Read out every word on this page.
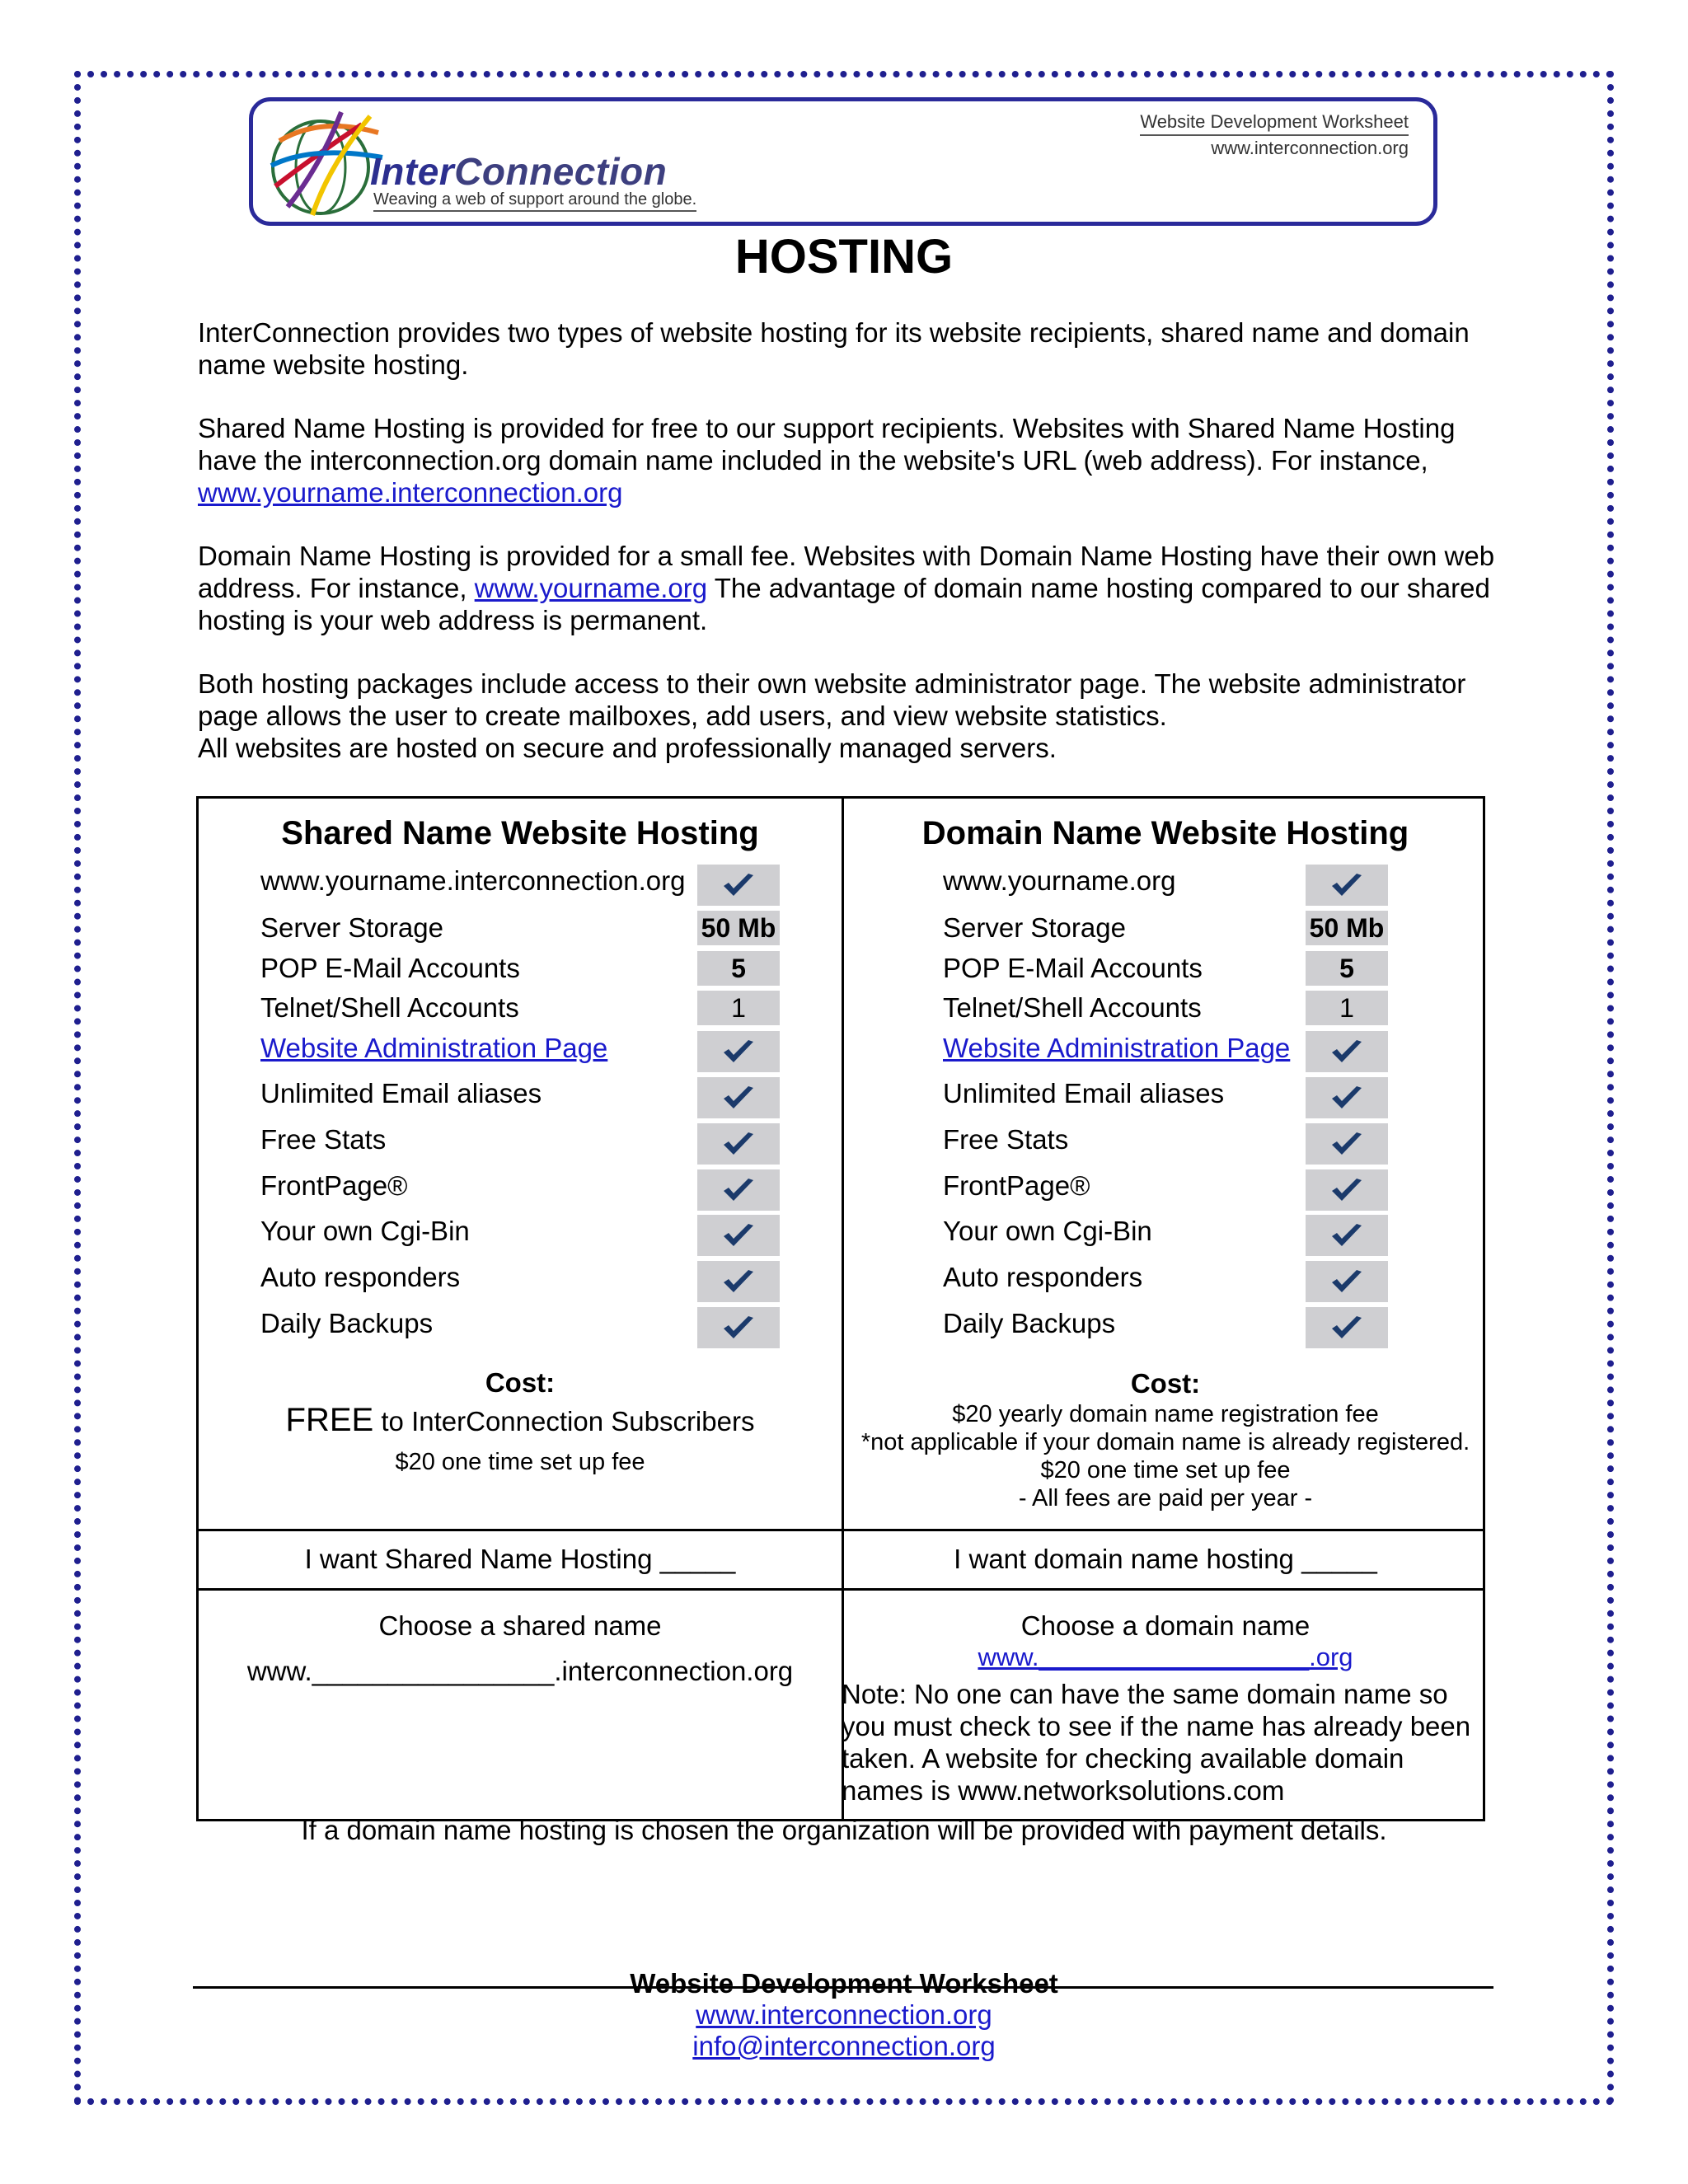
InterConnection
Weaving a web of support around the globe.
Website Development Worksheet
www.interconnection.org
HOSTING

InterConnection provides two types of website hosting for its website recipients, shared name and domain name website hosting.

Shared Name Hosting is provided for free to our support recipients. Websites with Shared Name Hosting have the interconnection.org domain name included in the website's URL (web address). For instance,
www.yourname.interconnection.org

Domain Name Hosting is provided for a small fee. Websites with Domain Name Hosting have their own web address. For instance, www.yourname.org The advantage of domain name hosting compared to our shared hosting is your web address is permanent.

Both hosting packages include access to their own website administrator page. The website administrator page allows the user to create mailboxes, add users, and view website statistics.
All websites are hosted on secure and professionally managed servers.

Shared Name Website Hosting
www.yourname.interconnection.org
Server Storage
POP E-Mail Accounts
Telnet/Shell Accounts
Website Administration Page
Unlimited Email aliases
Free Stats
FrontPage®
Your own Cgi-Bin
Auto responders
Daily Backups
50 Mb
5
1
Cost:
FREE to InterConnection Subscribers
$20 one time set up fee
I want Shared Name Hosting _____
Choose a shared name
www.________________.interconnection.org
Domain Name Website Hosting
www.yourname.org
Server Storage
POP E-Mail Accounts
Telnet/Shell Accounts
Website Administration Page
Unlimited Email aliases
Free Stats
FrontPage®
Your own Cgi-Bin
Auto responders
Daily Backups
50 Mb
5
1
Cost:
$20 yearly domain name registration fee
*not applicable if your domain name is already registered.
$20 one time set up fee
- All fees are paid per year -
I want domain name hosting _____
Choose a domain name
www.___________________.org
Note: No one can have the same domain name so you must check to see if the name has already been taken. A website for checking available domain names is www.networksolutions.com
If a domain name hosting is chosen the organization will be provided with payment details.
Website Development Worksheet
www.interconnection.org
info@interconnection.org
